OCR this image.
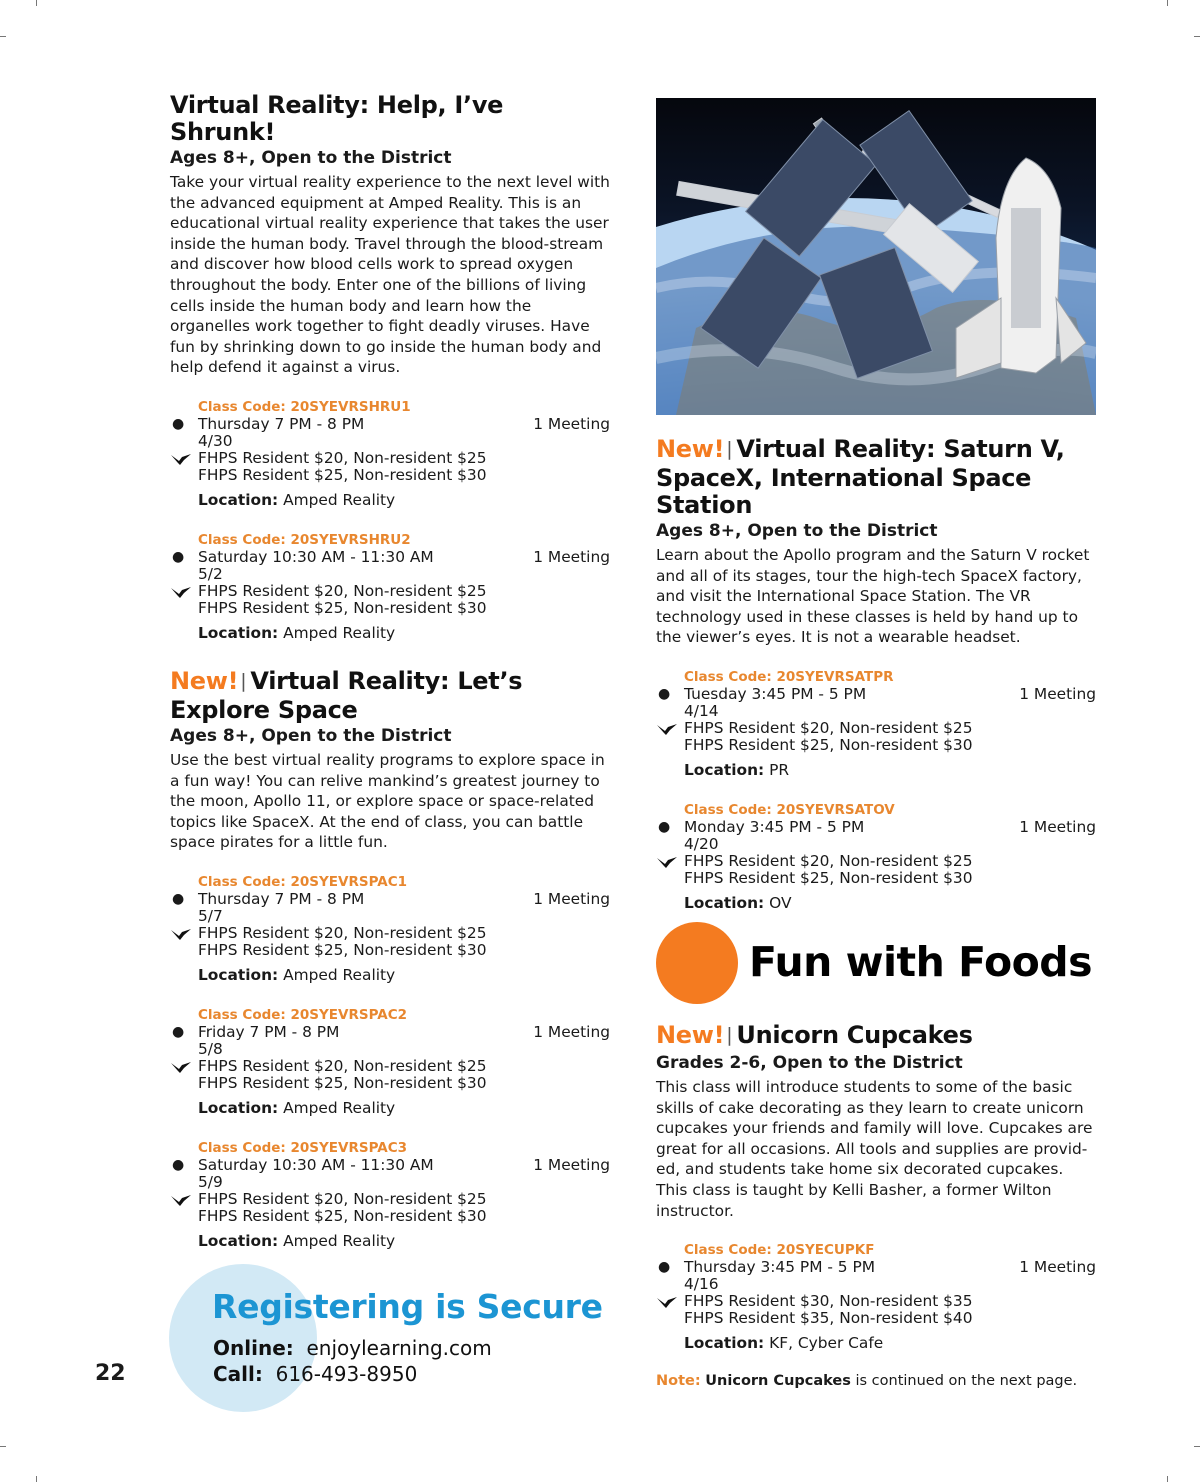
Virtual Reality: Help, I’ve Shrunk!
Ages 8+, Open to the District
Take your virtual reality experience to the next level with the advanced equipment at Amped Reality. This is an educational virtual reality experience that takes the user inside the human body. Travel through the blood-stream and discover how blood cells work to spread oxygen throughout the body. Enter one of the billions of living cells inside the human body and learn how the organelles work together to fight deadly viruses. Have fun by shrinking down to go inside the human body and help defend it against a virus.
Class Code: 20SYEVRSHRU1
● Thursday 7 PM - 8 PM	1 Meeting
4/30
FHPS Resident $20, Non-resident $25
FHPS Resident $25, Non-resident $30
Location: Amped Reality
Class Code: 20SYEVRSHRU2
● Saturday 10:30 AM - 11:30 AM	1 Meeting
5/2
FHPS Resident $20, Non-resident $25
FHPS Resident $25, Non-resident $30
Location: Amped Reality
New! | Virtual Reality: Let’s Explore Space
Ages 8+, Open to the District
Use the best virtual reality programs to explore space in a fun way! You can relive mankind’s greatest journey to the moon, Apollo 11, or explore space or space-related topics like SpaceX. At the end of class, you can battle space pirates for a little fun.
Class Code: 20SYEVRSPAC1
● Thursday 7 PM - 8 PM	1 Meeting
5/7
FHPS Resident $20, Non-resident $25
FHPS Resident $25, Non-resident $30
Location: Amped Reality
Class Code: 20SYEVRSPAC2
● Friday 7 PM - 8 PM	1 Meeting
5/8
FHPS Resident $20, Non-resident $25
FHPS Resident $25, Non-resident $30
Location: Amped Reality
Class Code: 20SYEVRSPAC3
● Saturday 10:30 AM - 11:30 AM	1 Meeting
5/9
FHPS Resident $20, Non-resident $25
FHPS Resident $25, Non-resident $30
Location: Amped Reality
New! | Virtual Reality: Saturn V, SpaceX, International Space Station
Ages 8+, Open to the District
Learn about the Apollo program and the Saturn V rocket and all of its stages, tour the high-tech SpaceX factory, and visit the International Space Station. The VR technology used in these classes is held by hand up to the viewer’s eyes. It is not a wearable headset.
Class Code: 20SYEVRSATPR
● Tuesday 3:45 PM - 5 PM	1 Meeting
4/14
FHPS Resident $20, Non-resident $25
FHPS Resident $25, Non-resident $30
Location: PR
Class Code: 20SYEVRSATOV
● Monday 3:45 PM - 5 PM	1 Meeting
4/20
FHPS Resident $20, Non-resident $25
FHPS Resident $25, Non-resident $30
Location: OV
Fun with Foods
New! | Unicorn Cupcakes
Grades 2-6, Open to the District
This class will introduce students to some of the basic skills of cake decorating as they learn to create unicorn cupcakes your friends and family will love. Cupcakes are great for all occasions. All tools and supplies are provid-ed, and students take home six decorated cupcakes. This class is taught by Kelli Basher, a former Wilton instructor.
Class Code: 20SYECUPKF
● Thursday 3:45 PM - 5 PM	1 Meeting
4/16
FHPS Resident $30, Non-resident $35
FHPS Resident $35, Non-resident $40
Location: KF, Cyber Cafe
Note: Unicorn Cupcakes is continued on the next page.
Registering is Secure
Online: enjoylearning.com
Call: 616-493-8950
22
